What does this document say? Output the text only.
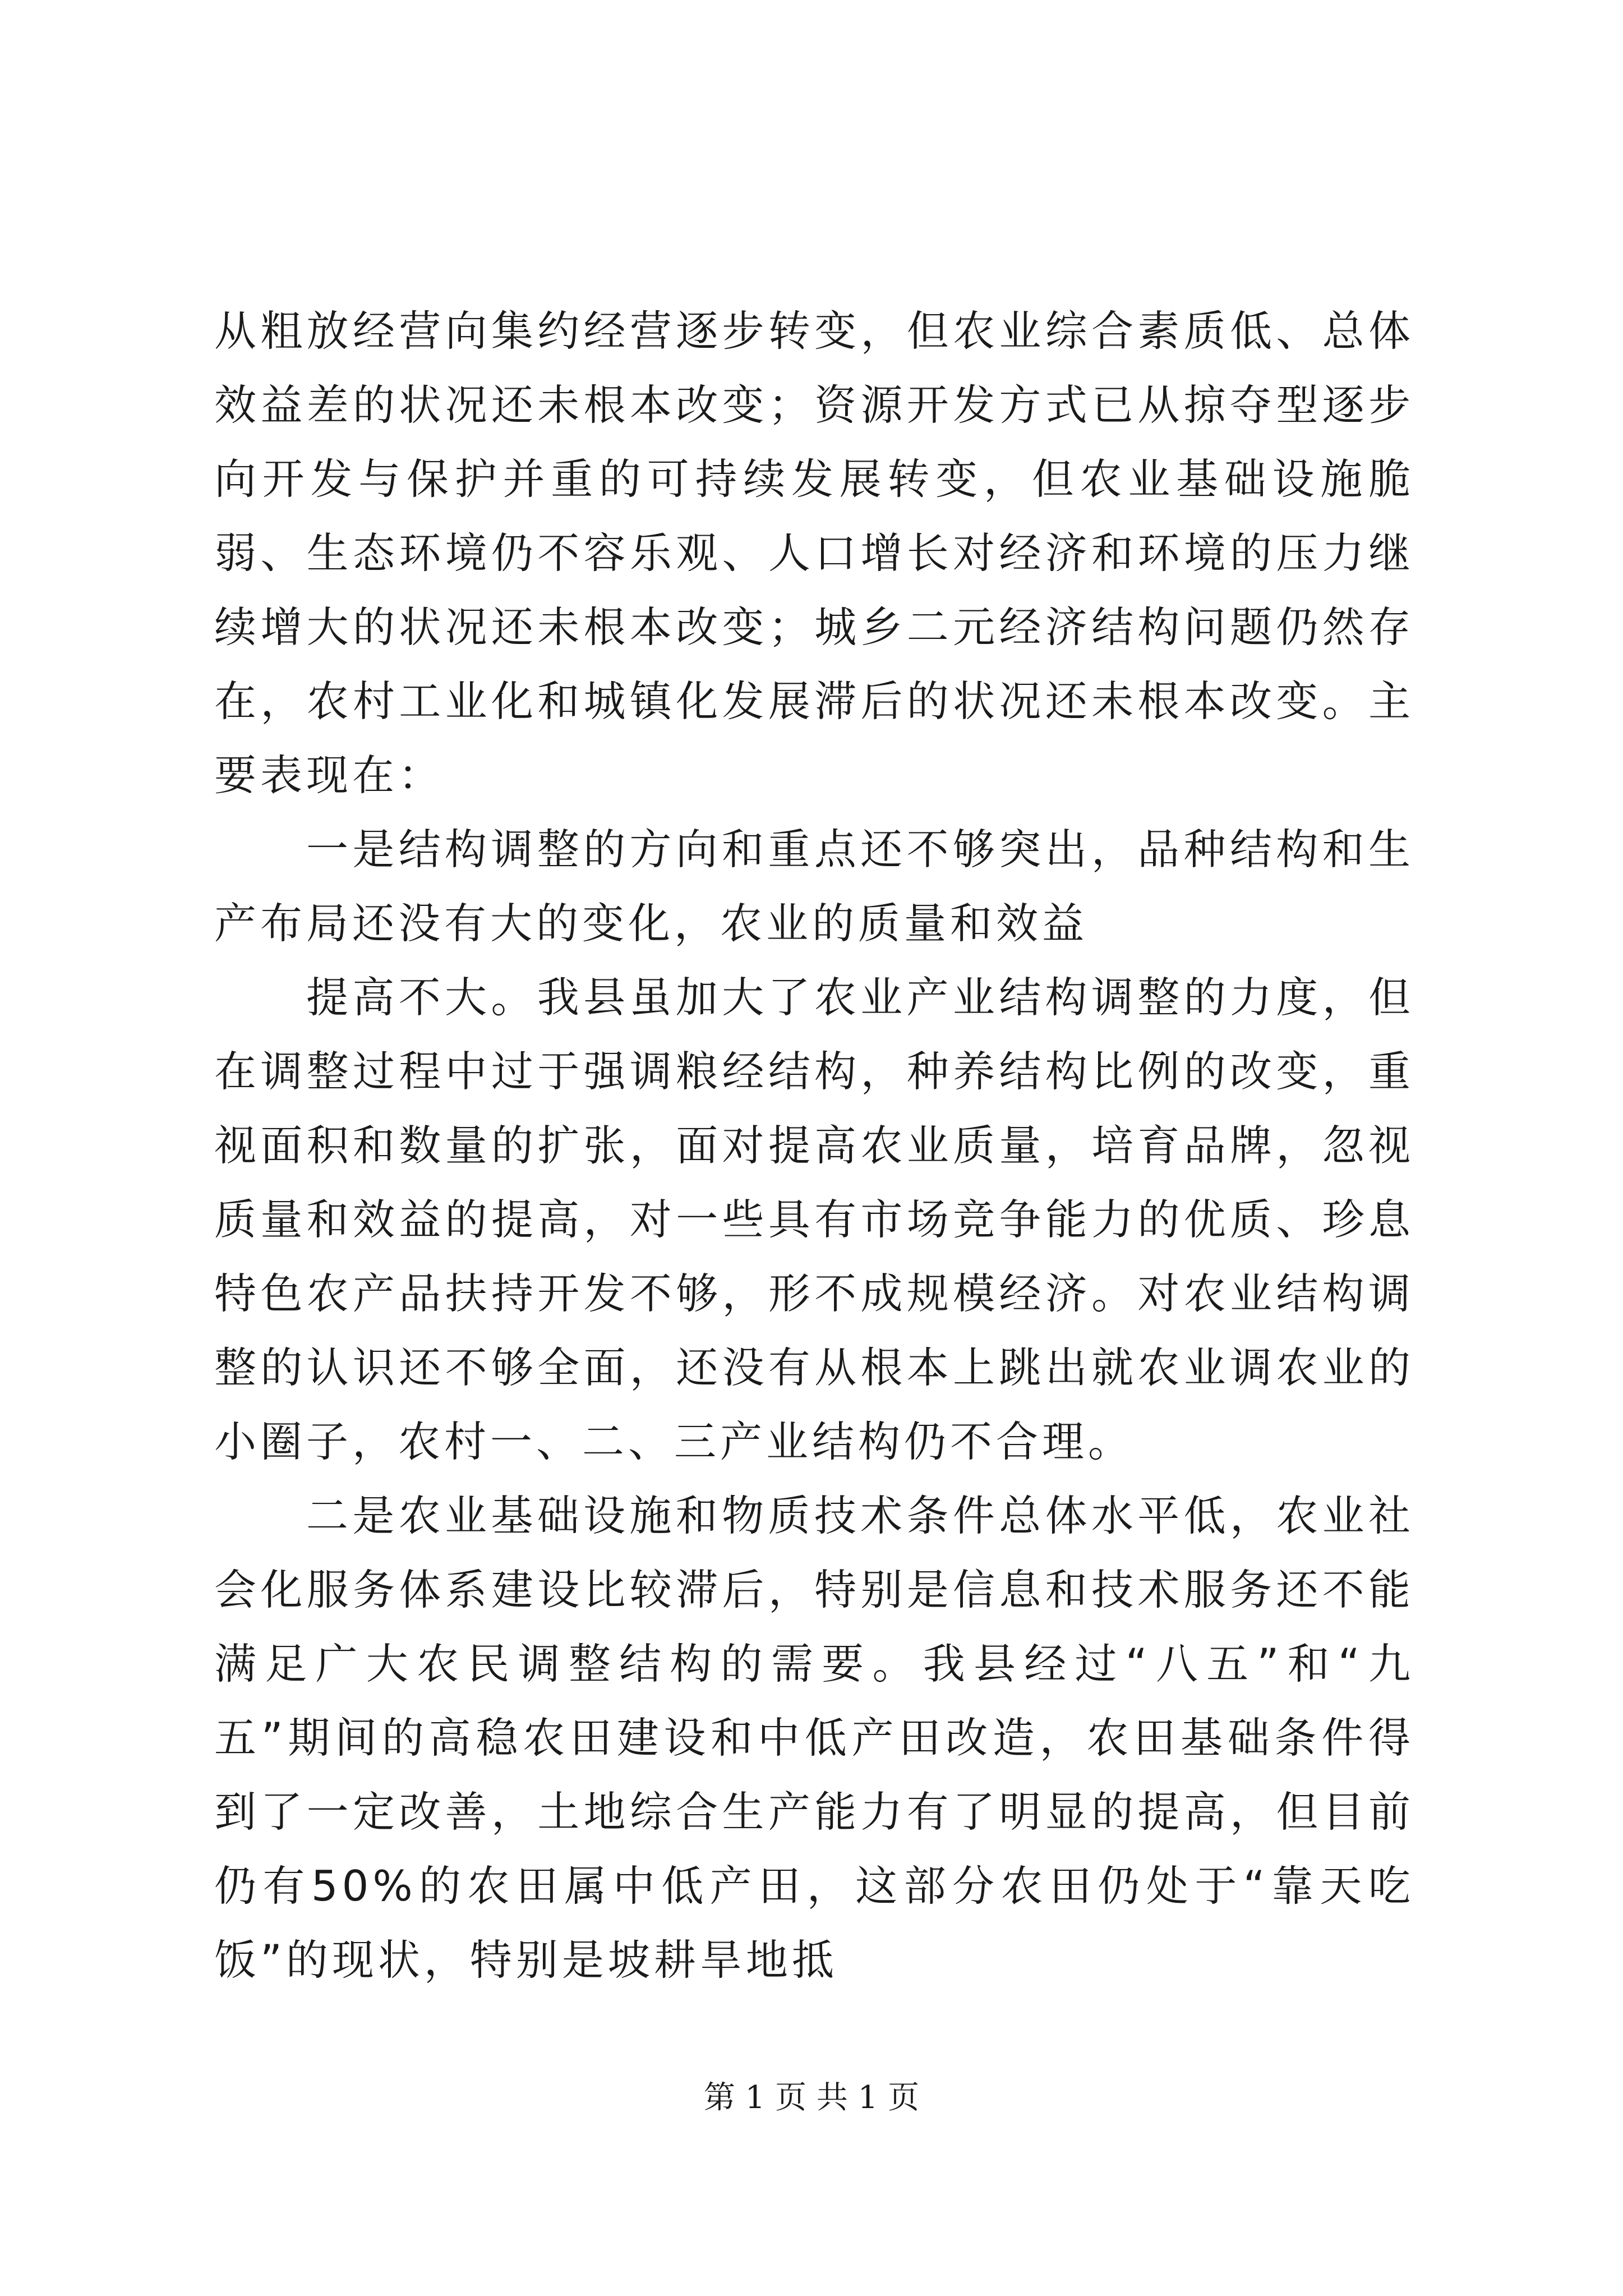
从粗放经营向集约经营逐步转变，但农业综合素质低、总体效益差的状况还未根本改变；资源开发方式已从掠夺型逐步向开发与保护并重的可持续发展转变，但农业基础设施脆弱、生态环境仍不容乐观、人口增长对经济和环境的压力继续增大的状况还未根本改变；城乡二元经济结构问题仍然存在，农村工业化和城镇化发展滞后的状况还未根本改变。主要表现在：

一是结构调整的方向和重点还不够突出，品种结构和生产布局还没有大的变化，农业的质量和效益

提高不大。我县虽加大了农业产业结构调整的力度，但在调整过程中过于强调粮经结构，种养结构比例的改变，重视面积和数量的扩张，面对提高农业质量，培育品牌，忽视质量和效益的提高，对一些具有市场竞争能力的优质、珍息特色农产品扶持开发不够，形不成规模经济。对农业结构调整的认识还不够全面，还没有从根本上跳出就农业调农业的小圈子，农村一、二、三产业结构仍不合理。

二是农业基础设施和物质技术条件总体水平低，农业社会化服务体系建设比较滞后，特别是信息和技术服务还不能满足广大农民调整结构的需要。我县经过“八五”和“九五”期间的高稳农田建设和中低产田改造，农田基础条件得到了一定改善，土地综合生产能力有了明显的提高，但目前仍有50%的农田属中低产田，这部分农田仍处于“靠天吃饭”的现状，特别是坡耕旱地抵

第 1 页 共 1 页
